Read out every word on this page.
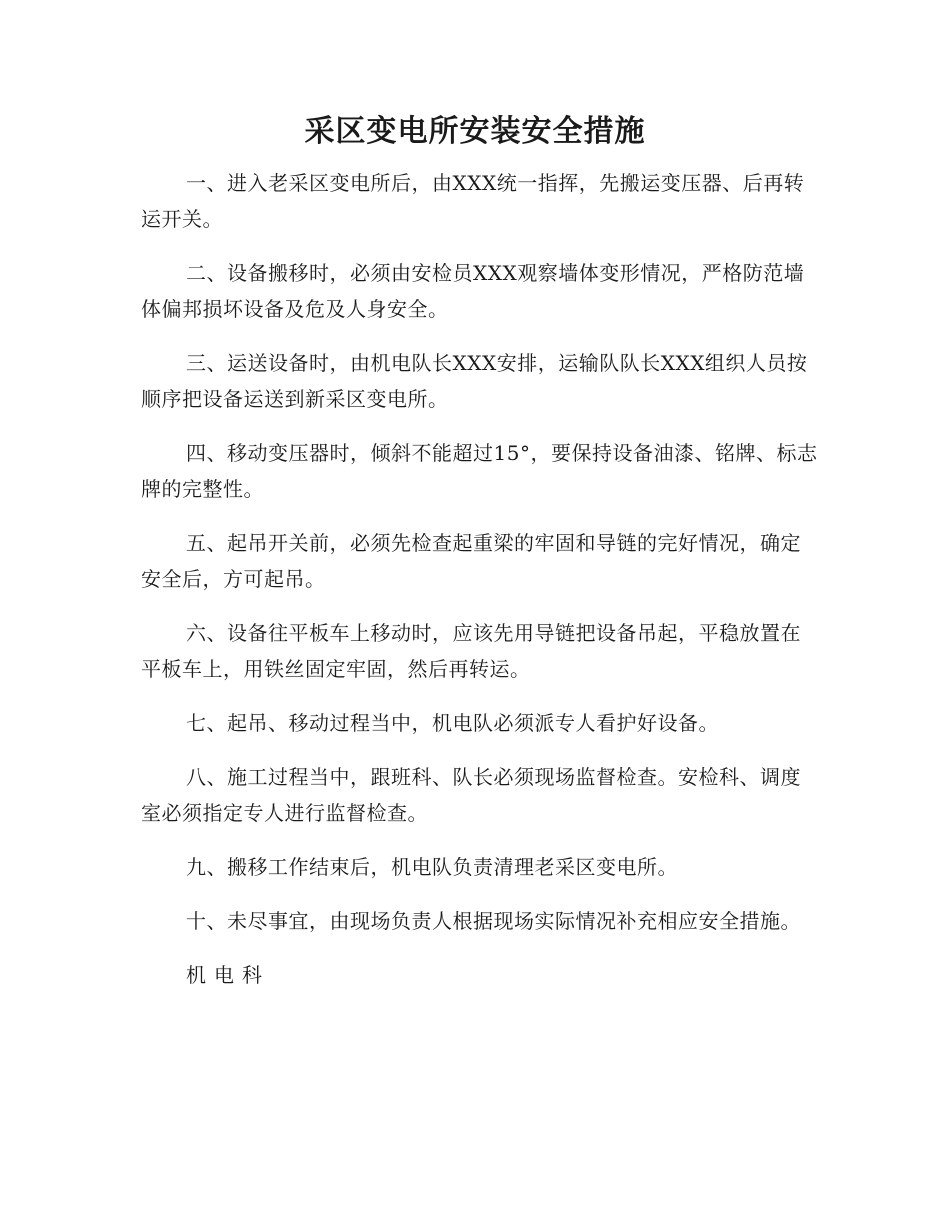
采区变电所安装安全措施

一、进入老采区变电所后，由XXX统一指挥，先搬运变压器、后再转运开关。

二、设备搬移时，必须由安检员XXX观察墙体变形情况，严格防范墙体偏邦损坏设备及危及人身安全。

三、运送设备时，由机电队长XXX安排，运输队队长XXX组织人员按顺序把设备运送到新采区变电所。

四、移动变压器时，倾斜不能超过15°，要保持设备油漆、铭牌、标志牌的完整性。

五、起吊开关前，必须先检查起重梁的牢固和导链的完好情况，确定安全后，方可起吊。

六、设备往平板车上移动时，应该先用导链把设备吊起，平稳放置在平板车上，用铁丝固定牢固，然后再转运。

七、起吊、移动过程当中，机电队必须派专人看护好设备。

八、施工过程当中，跟班科、队长必须现场监督检查。安检科、调度室必须指定专人进行监督检查。

九、搬移工作结束后，机电队负责清理老采区变电所。

十、未尽事宜，由现场负责人根据现场实际情况补充相应安全措施。

机电科
